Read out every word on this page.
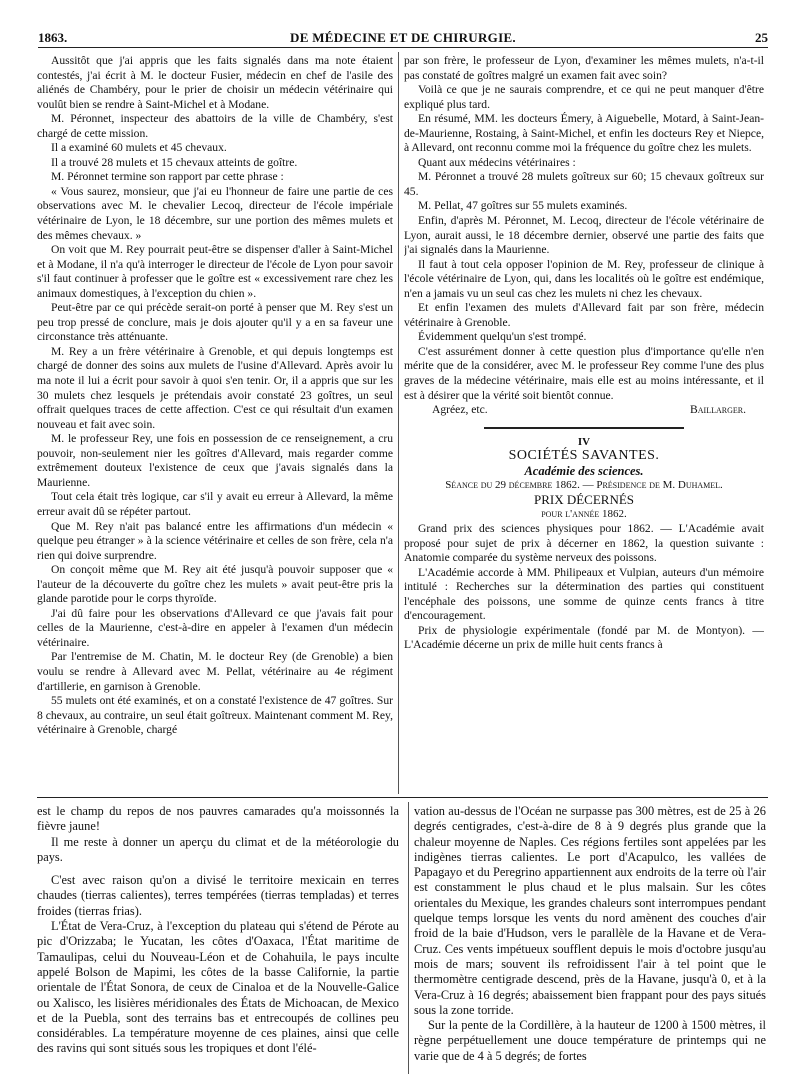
1863.	DE MÉDECINE ET DE CHIRURGIE.	25

Aussitôt que j'ai appris que les faits signalés dans ma note étaient contestés, j'ai écrit à M. le docteur Fusier, médecin en chef de l'asile des aliénés de Chambéry, pour le prier de choisir un médecin vétérinaire qui voulût bien se rendre à Saint-Michel et à Modane.

M. Péronnet, inspecteur des abattoirs de la ville de Chambéry, s'est chargé de cette mission.

Il a examiné 60 mulets et 45 chevaux.

Il a trouvé 28 mulets et 15 chevaux atteints de goître.

M. Péronnet termine son rapport par cette phrase :

« Vous saurez, monsieur, que j'ai eu l'honneur de faire une partie de ces observations avec M. le chevalier Lecoq, directeur de l'école impériale vétérinaire de Lyon, le 18 décembre, sur une portion des mêmes mulets et des mêmes chevaux. »

On voit que M. Rey pourrait peut-être se dispenser d'aller à Saint-Michel et à Modane, il n'a qu'à interroger le directeur de l'école de Lyon pour savoir s'il faut continuer à professer que le goître est « excessivement rare chez les animaux domestiques, à l'exception du chien ».

Peut-être par ce qui précède serait-on porté à penser que M. Rey s'est un peu trop pressé de conclure, mais je dois ajouter qu'il y a en sa faveur une circonstance très atténuante.

M. Rey a un frère vétérinaire à Grenoble, et qui depuis longtemps est chargé de donner des soins aux mulets de l'usine d'Allevard. Après avoir lu ma note il lui a écrit pour savoir à quoi s'en tenir. Or, il a appris que sur les 30 mulets chez lesquels je prétendais avoir constaté 23 goîtres, un seul offrait quelques traces de cette affection. C'est ce qui résultait d'un examen nouveau et fait avec soin.

M. le professeur Rey, une fois en possession de ce renseignement, a cru pouvoir, non-seulement nier les goîtres d'Allevard, mais regarder comme extrêmement douteux l'existence de ceux que j'avais signalés dans la Maurienne.

Tout cela était très logique, car s'il y avait eu erreur à Allevard, la même erreur avait dû se répéter partout.

Que M. Rey n'ait pas balancé entre les affirmations d'un médecin « quelque peu étranger » à la science vétérinaire et celles de son frère, cela n'a rien qui doive surprendre.

On conçoit même que M. Rey ait été jusqu'à pouvoir supposer que « l'auteur de la découverte du goître chez les mulets » avait peut-être pris la glande parotide pour le corps thyroïde.

J'ai dû faire pour les observations d'Allevard ce que j'avais fait pour celles de la Maurienne, c'est-à-dire en appeler à l'examen d'un médecin vétérinaire.

Par l'entremise de M. Chatin, M. le docteur Rey (de Grenoble) a bien voulu se rendre à Allevard avec M. Pellat, vétérinaire au 4e régiment d'artillerie, en garnison à Grenoble.

55 mulets ont été examinés, et on a constaté l'existence de 47 goîtres. Sur 8 chevaux, au contraire, un seul était goîtreux. Maintenant comment M. Rey, vétérinaire à Grenoble, chargé

par son frère, le professeur de Lyon, d'examiner les mêmes mulets, n'a-t-il pas constaté de goîtres malgré un examen fait avec soin?

Voilà ce que je ne saurais comprendre, et ce qui ne peut manquer d'être expliqué plus tard.

En résumé, MM. les docteurs Émery, à Aiguebelle, Motard, à Saint-Jean-de-Maurienne, Rostaing, à Saint-Michel, et enfin les docteurs Rey et Niepce, à Allevard, ont reconnu comme moi la fréquence du goître chez les mulets.

Quant aux médecins vétérinaires :

M. Péronnet a trouvé 28 mulets goîtreux sur 60; 15 chevaux goîtreux sur 45.

M. Pellat, 47 goîtres sur 55 mulets examinés.

Enfin, d'après M. Péronnet, M. Lecoq, directeur de l'école vétérinaire de Lyon, aurait aussi, le 18 décembre dernier, observé une partie des faits que j'ai signalés dans la Maurienne.

Il faut à tout cela opposer l'opinion de M. Rey, professeur de clinique à l'école vétérinaire de Lyon, qui, dans les localités où le goître est endémique, n'en a jamais vu un seul cas chez les mulets ni chez les chevaux.

Et enfin l'examen des mulets d'Allevard fait par son frère, médecin vétérinaire à Grenoble.

Évidemment quelqu'un s'est trompé.

C'est assurément donner à cette question plus d'importance qu'elle n'en mérite que de la considérer, avec M. le professeur Rey comme l'une des plus graves de la médecine vétérinaire, mais elle est au moins intéressante, et il est à désirer que la vérité soit bientôt connue.

Agréez, etc.	Baillarger.

IV

SOCIÉTÉS SAVANTES.

Académie des sciences.

Séance du 29 décembre 1862. — Présidence de M. Duhamel.

PRIX DÉCERNÉS

pour l'année 1862.

Grand prix des sciences physiques pour 1862. — L'Académie avait proposé pour sujet de prix à décerner en 1862, la question suivante : Anatomie comparée du système nerveux des poissons.

L'Académie accorde à MM. Philipeaux et Vulpian, auteurs d'un mémoire intitulé : Recherches sur la détermination des parties qui constituent l'encéphale des poissons, une somme de quinze cents francs à titre d'encouragement.

Prix de physiologie expérimentale (fondé par M. de Montyon). — L'Académie décerne un prix de mille huit cents francs à

est le champ du repos de nos pauvres camarades qu'a moissonnés la fièvre jaune!

Il me reste à donner un aperçu du climat et de la météorologie du pays.

C'est avec raison qu'on a divisé le territoire mexicain en terres chaudes (tierras calientes), terres tempérées (tierras templadas) et terres froides (tierras frias).

L'État de Vera-Cruz, à l'exception du plateau qui s'étend de Pérote au pic d'Orizzaba; le Yucatan, les côtes d'Oaxaca, l'État maritime de Tamaulipas, celui du Nouveau-Léon et de Cohahuila, le pays inculte appelé Bolson de Mapimi, les côtes de la basse Californie, la partie orientale de l'État Sonora, de ceux de Cinaloa et de la Nouvelle-Galice ou Xalisco, les lisières méridionales des États de Michoacan, de Mexico et de la Puebla, sont des terrains bas et entrecoupés de collines peu considérables. La température moyenne de ces plaines, ainsi que celle des ravins qui sont situés sous les tropiques et dont l'élé-

vation au-dessus de l'Océan ne surpasse pas 300 mètres, est de 25 à 26 degrés centigrades, c'est-à-dire de 8 à 9 degrés plus grande que la chaleur moyenne de Naples. Ces régions fertiles sont appelées par les indigènes tierras calientes. Le port d'Acapulco, les vallées de Papagayo et du Peregrino appartiennent aux endroits de la terre où l'air est constamment le plus chaud et le plus malsain. Sur les côtes orientales du Mexique, les grandes chaleurs sont interrompues pendant quelque temps lorsque les vents du nord amènent des couches d'air froid de la baie d'Hudson, vers le parallèle de la Havane et de Vera-Cruz. Ces vents impétueux soufflent depuis le mois d'octobre jusqu'au mois de mars; souvent ils refroidissent l'air à tel point que le thermomètre centigrade descend, près de la Havane, jusqu'à 0, et à la Vera-Cruz à 16 degrés; abaissement bien frappant pour des pays situés sous la zone torride.

Sur la pente de la Cordillère, à la hauteur de 1200 à 1500 mètres, il règne perpétuellement une douce température de printemps qui ne varie que de 4 à 5 degrés; de fortes
